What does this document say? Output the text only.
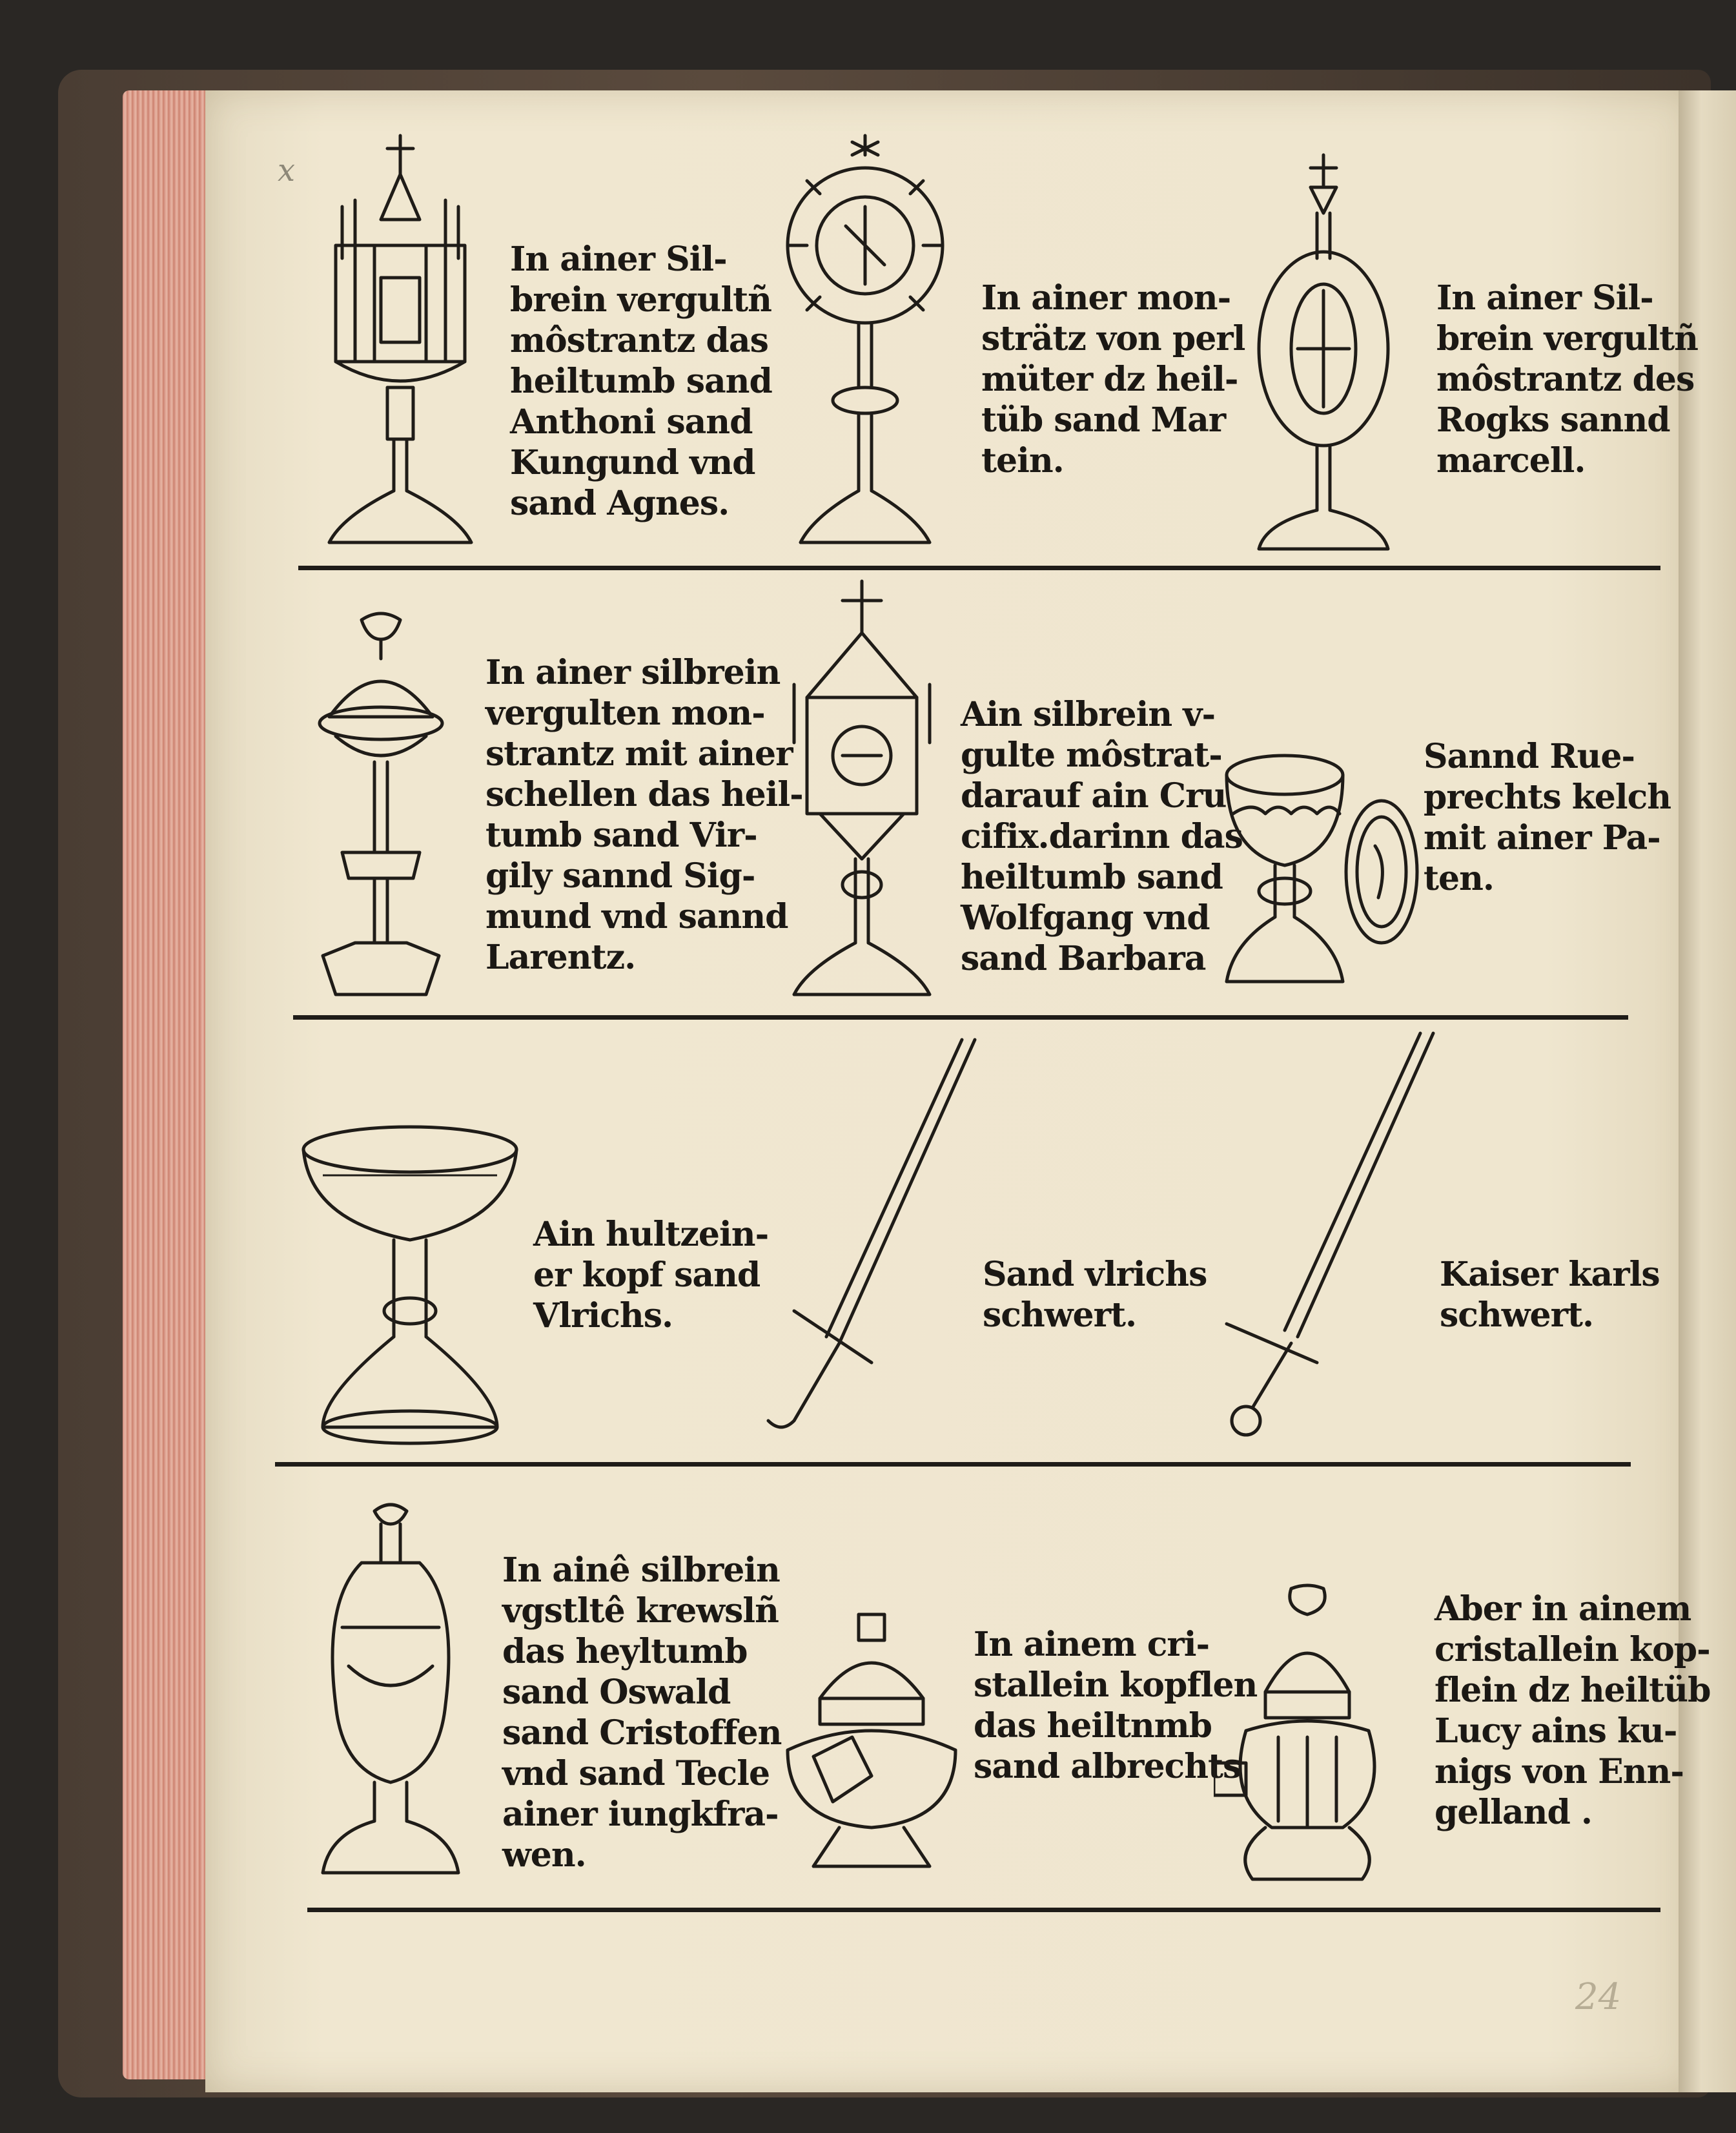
x
24
In ainer Sil-
brein vergultñ
môstrantz das
heiltumb sand
Anthoni sand
Kungund vnd
sand Agnes.
In ainer mon-
strätz von perl
müter dz heil-
tüb sand Mar
tein.
In ainer Sil-
brein vergultñ
môstrantz des
Rogks sannd
marcell.
In ainer silbrein
vergulten mon-
strantz mit ainer
schellen das heil-
tumb sand Vir-
gily sannd Sig-
mund vnd sannd
Larentz.
Ain silbrein v-
gulte môstrat-
darauf ain Cru
cifix.darinn das
heiltumb sand
Wolfgang vnd
sand Barbara
Sannd Rue-
prechts kelch
mit ainer Pa-
ten.
Ain hultzein-
er kopf sand
Vlrichs.
Sand vlrichs
schwert.
Kaiser karls
schwert.
In ainê silbrein
vgstltê krewslñ
das heyltumb
sand Oswald
sand Cristoffen
vnd sand Tecle
ainer iungkfra-
wen.
In ainem cri-
stallein kopflen
das heiltnmb
sand albrechts
Aber in ainem
cristallein kop-
flein dz heiltüb
Lucy ains ku-
nigs von Enn-
gelland .
